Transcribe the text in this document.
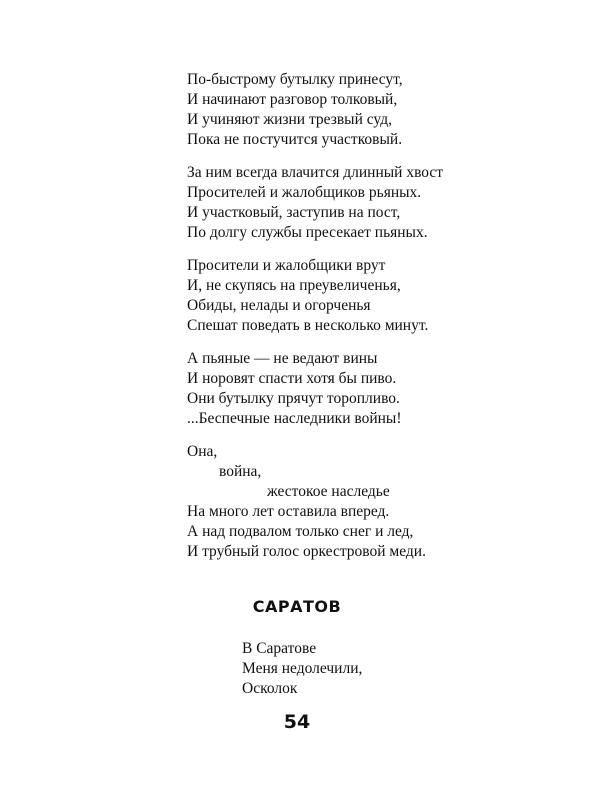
По-быстрому бутылку принесут,
И начинают разговор толковый,
И учиняют жизни трезвый суд,
Пока не постучится участковый.
За ним всегда влачится длинный хвост
Просителей и жалобщиков рьяных.
И участковый, заступив на пост,
По долгу службы пресекает пьяных.
Просители и жалобщики врут
И, не скупясь на преувеличенья,
Обиды, нелады и огорченья
Спешат поведать в несколько минут.
А пьяные — не ведают вины
И норовят спасти хотя бы пиво.
Они бутылку прячут торопливо.
...Беспечные наследники войны!
Она,
война,
жестокое наследье
На много лет оставила вперед.
А над подвалом только снег и лед,
И трубный голос оркестровой меди.
САРАТОВ
В Саратове
Меня недолечили,
Осколок
54
